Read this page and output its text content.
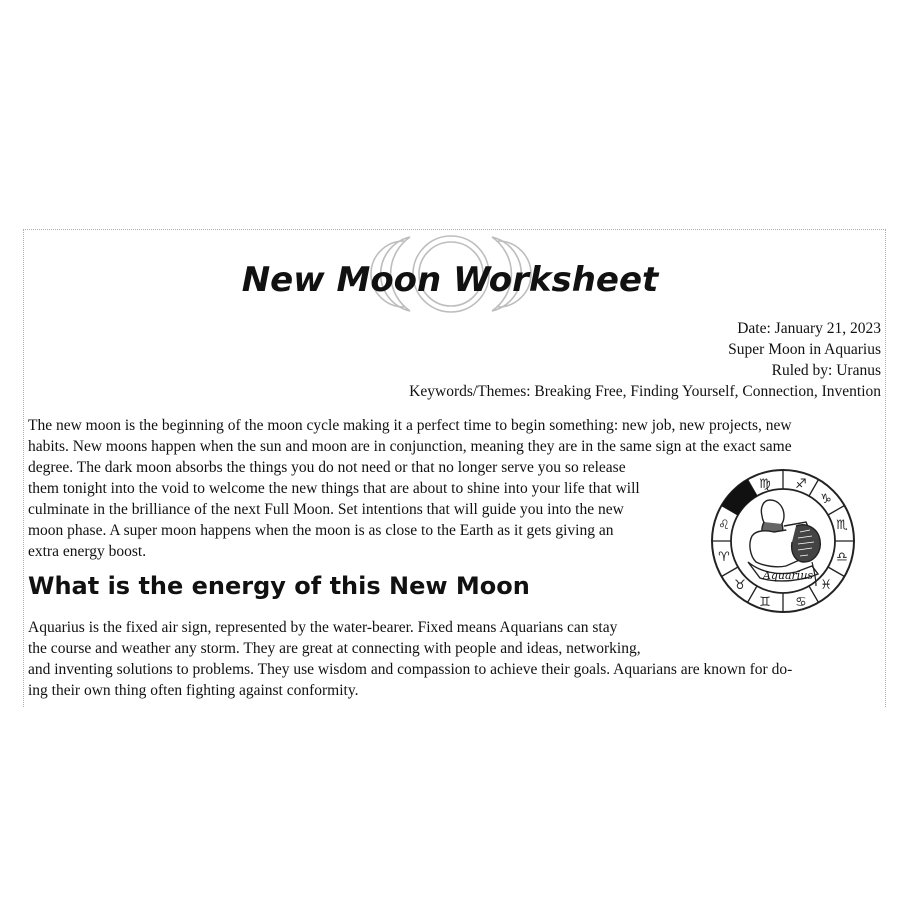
New Moon Worksheet
Date: January 21, 2023
Super Moon in Aquarius
Ruled by: Uranus
Keywords/Themes: Breaking Free, Finding Yourself, Connection, Invention
The new moon is the beginning of the moon cycle making it a perfect time to begin something: new job, new projects, new
habits. New moons happen when the sun and moon are in conjunction, meaning they are in the same sign at the exact same
degree. The dark moon absorbs the things you do not need or that no longer serve you so release
them tonight into the void to welcome the new things that are about to shine into your life that will
culminate in the brilliance of the next Full Moon. Set intentions that will guide you into the new
moon phase. A super moon happens when the moon is as close to the Earth as it gets giving an
extra energy boost.
What is the energy of this New Moon
Aquarius is the fixed air sign, represented by the water-bearer. Fixed means Aquarians can stay
the course and weather any storm. They are great at connecting with people and ideas, networking,
and inventing solutions to problems. They use wisdom and compassion to achieve their goals. Aquarians are known for do-
ing their own thing often fighting against conformity.
♍ ♐
♑
♏
♎
♓
♋
♊
♉
♈
♌
Aquarius
